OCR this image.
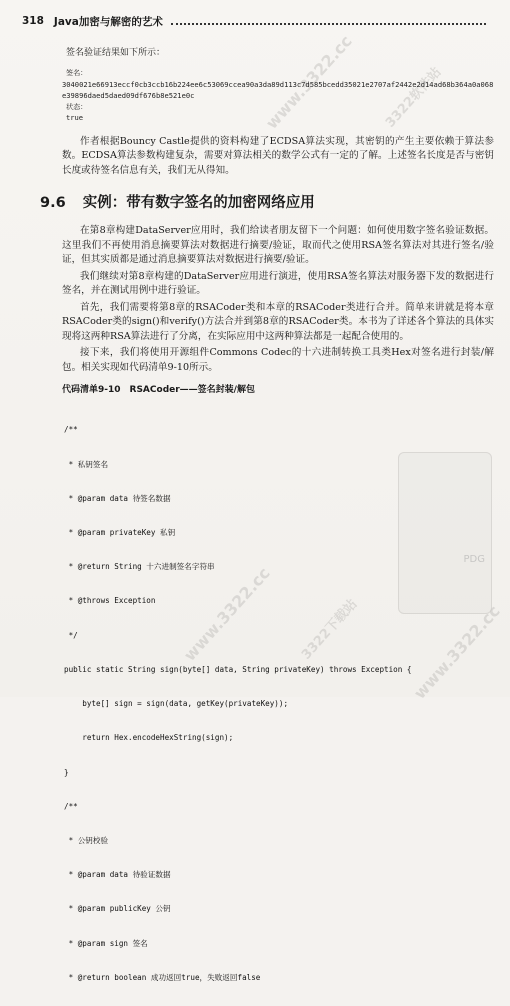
318 Java加密与解密的艺术
www.3322.cc 3322软件站
www.3322.cc 3322下载站	www.3322.cc
PDG
签名验证结果如下所示：
签名：
3040021e66913eccf0cb3ccb16b224ee6c53069ccea90a3da89d113c7d585bcedd35021e2707af2442e2d14ad68b364a0a068e39896daed5daed09df676b8e521e0c
状态：
true

作者根据Bouncy Castle提供的资料构建了ECDSA算法实现，其密钥的产生主要依赖于算法参数。ECDSA算法参数构建复杂，需要对算法相关的数学公式有一定的了解。上述签名长度是否与密钥长度或待签名信息有关，我们无从得知。

9.6 实例：带有数字签名的加密网络应用

在第8章构建DataServer应用时，我们给读者朋友留下一个问题：如何使用数字签名验证数据。这里我们不再使用消息摘要算法对数据进行摘要/验证，取而代之使用RSA签名算法对其进行签名/验证，但其实质都是通过消息摘要算法对数据进行摘要/验证。

我们继续对第8章构建的DataServer应用进行演进，使用RSA签名算法对服务器下发的数据进行签名，并在测试用例中进行验证。

首先，我们需要将第8章的RSACoder类和本章的RSACoder类进行合并。简单来讲就是将本章RSACoder类的sign()和verify()方法合并到第8章的RSACoder类。本书为了详述各个算法的具体实现将这两种RSA算法进行了分离，在实际应用中这两种算法都是一起配合使用的。

接下来，我们将使用开源组件Commons Codec的十六进制转换工具类Hex对签名进行封装/解包。相关实现如代码清单9-10所示。

代码清单9-10　RSACoder——签名封装/解包

/**

* 私钥签名

* @param data 待签名数据

* @param privateKey 私钥

* @return String 十六进制签名字符串

* @throws Exception

*/

public static String sign(byte[] data, String privateKey) throws Exception {

byte[] sign = sign(data, getKey(privateKey));

return Hex.encodeHexString(sign);

}

/**

* 公钥校验

* @param data 待验证数据

* @param publicKey 公钥

* @param sign 签名

* @return boolean 成功返回true，失败返回false
